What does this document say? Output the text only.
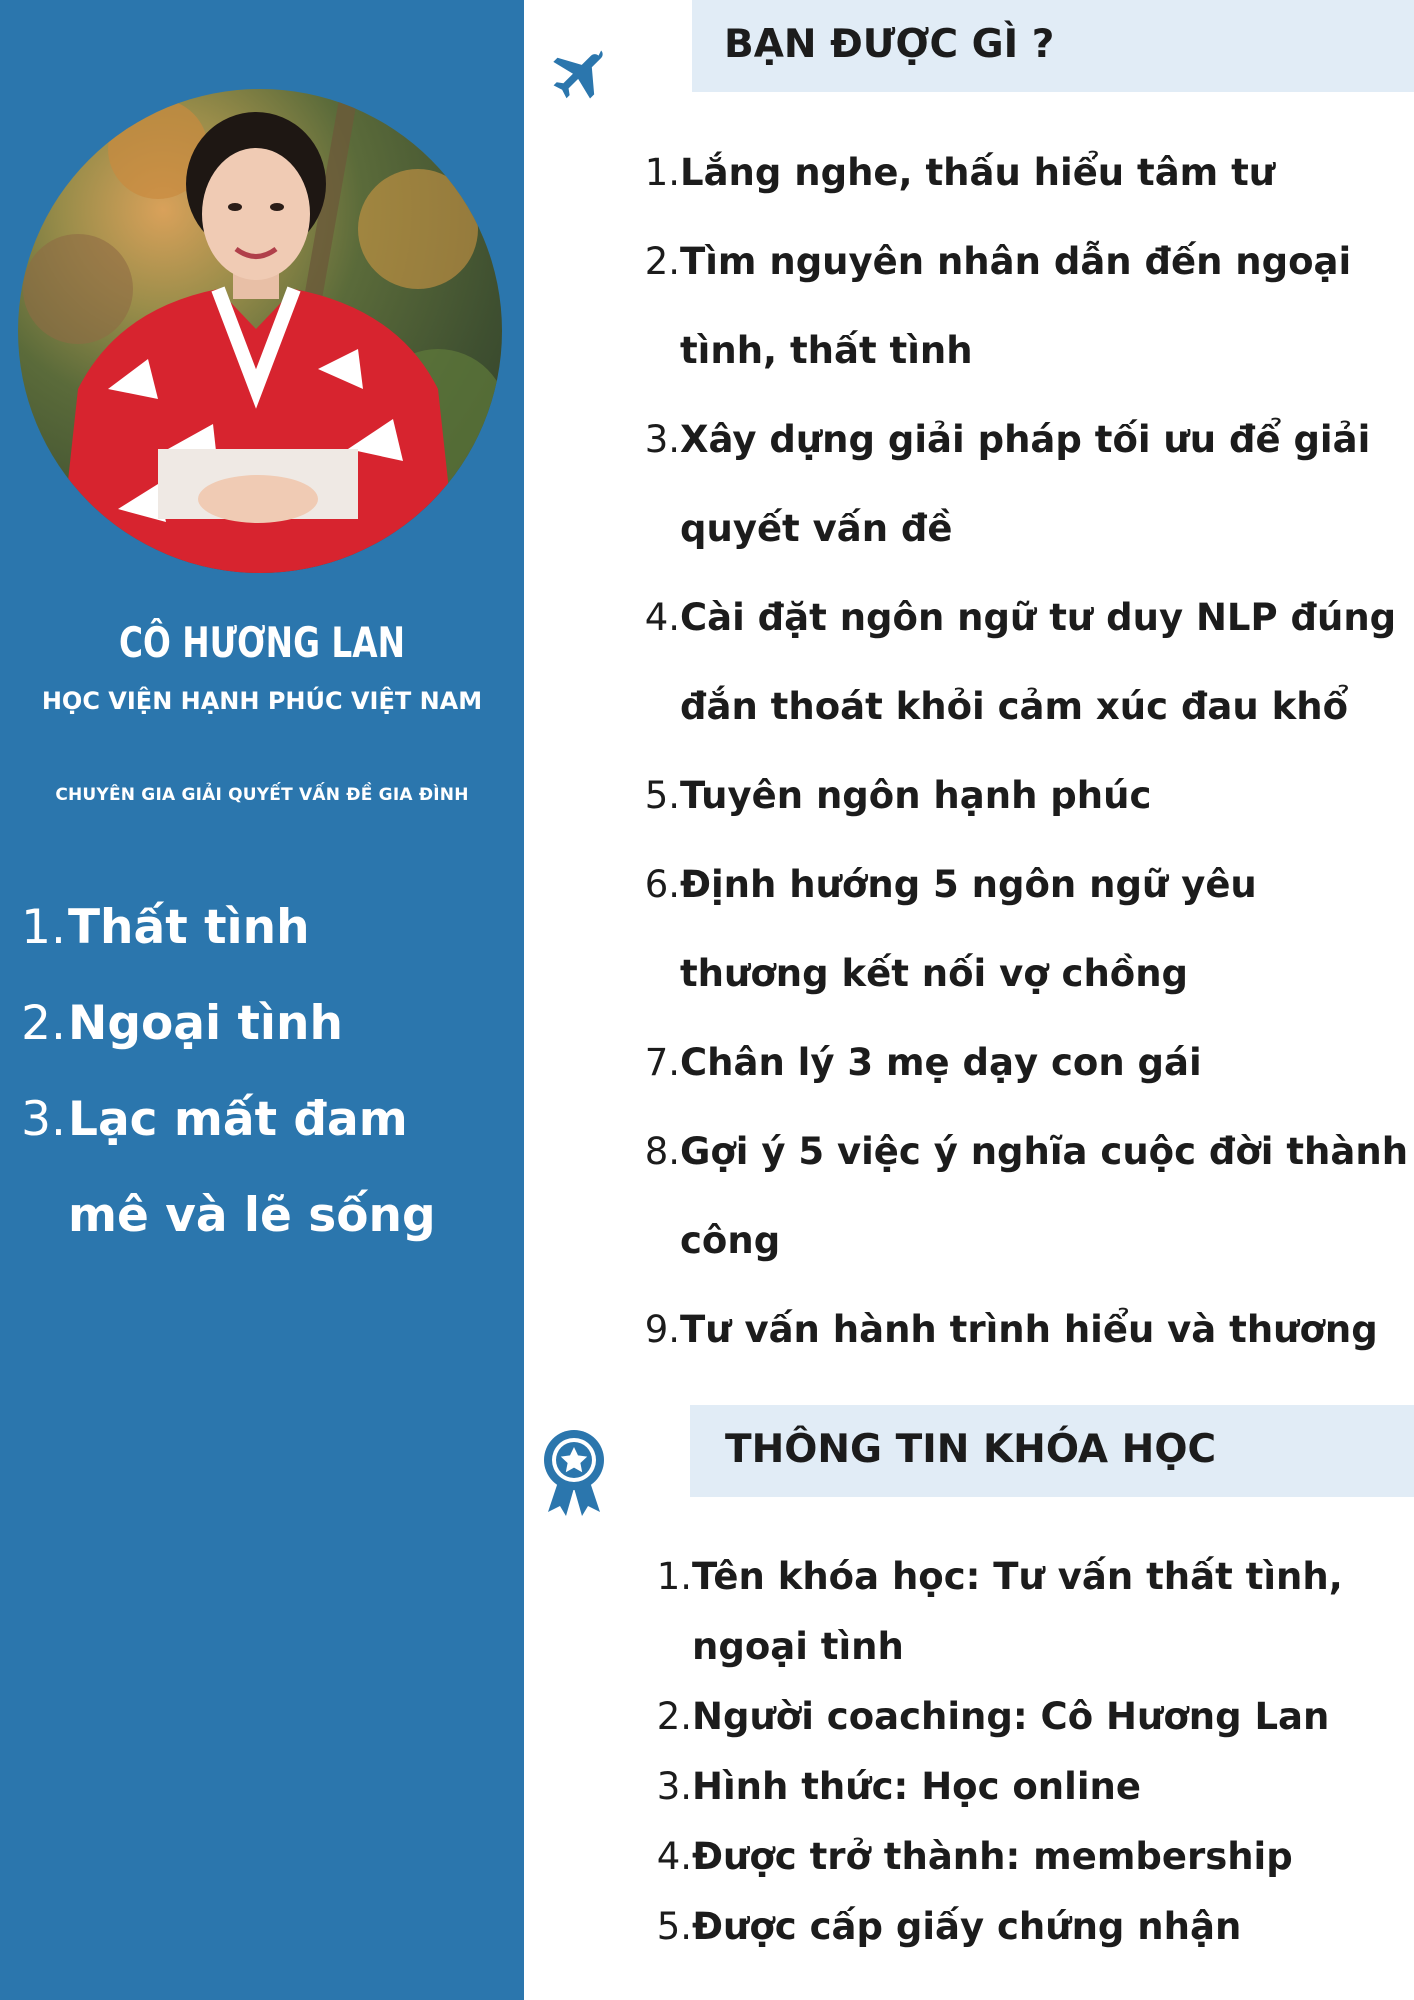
CÔ HƯƠNG LAN
HỌC VIỆN HẠNH PHÚC VIỆT NAM
CHUYÊN GIA GIẢI QUYẾT VẤN ĐỀ GIA ĐÌNH
1. Thất tình
2. Ngoại tình
3. Lạc mất đam mê và lẽ sống
BẠN ĐƯỢC GÌ ?
1. Lắng nghe, thấu hiểu tâm tư
2. Tìm nguyên nhân dẫn đến ngoại tình, thất tình
3. Xây dựng giải pháp tối ưu để giải quyết vấn đề
4. Cài đặt ngôn ngữ tư duy NLP đúng đắn thoát khỏi cảm xúc đau khổ
5. Tuyên ngôn hạnh phúc
6. Định hướng 5 ngôn ngữ yêu thương kết nối vợ chồng
7. Chân lý 3 mẹ dạy con gái
8. Gợi ý 5 việc ý nghĩa cuộc đời thành công
9. Tư vấn hành trình hiểu và thương
THÔNG TIN KHÓA HỌC
1. Tên khóa học: Tư vấn thất tình, ngoại tình
2. Người coaching: Cô Hương Lan
3. Hình thức: Học online
4. Được trở thành: membership
5. Được cấp giấy chứng nhận
